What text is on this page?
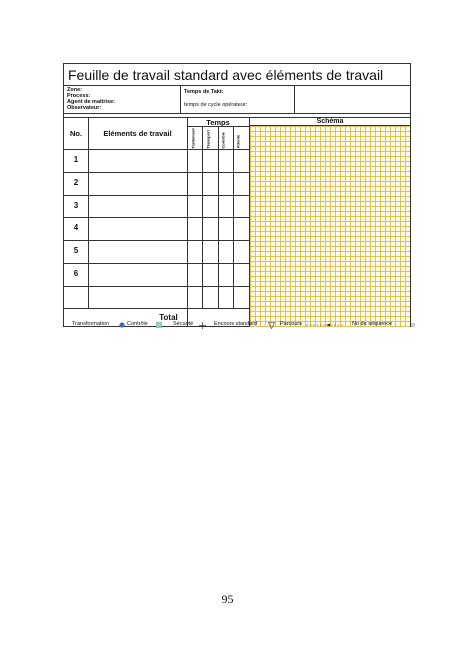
Feuille de travail standard avec éléments de travail
Zone:
Process:
Agent de maîtrise:
Observateur:
Temps de Takt:
temps de cycle opérateur:
No.	Eléments de travail
Temps
Traitement	Transport	Contrôle	Attente
1
2
3
4
5
6
Total
Schéma
Transformation	Contrôle	Sécurité	Encours standard	Parcours	No de séquence
95
